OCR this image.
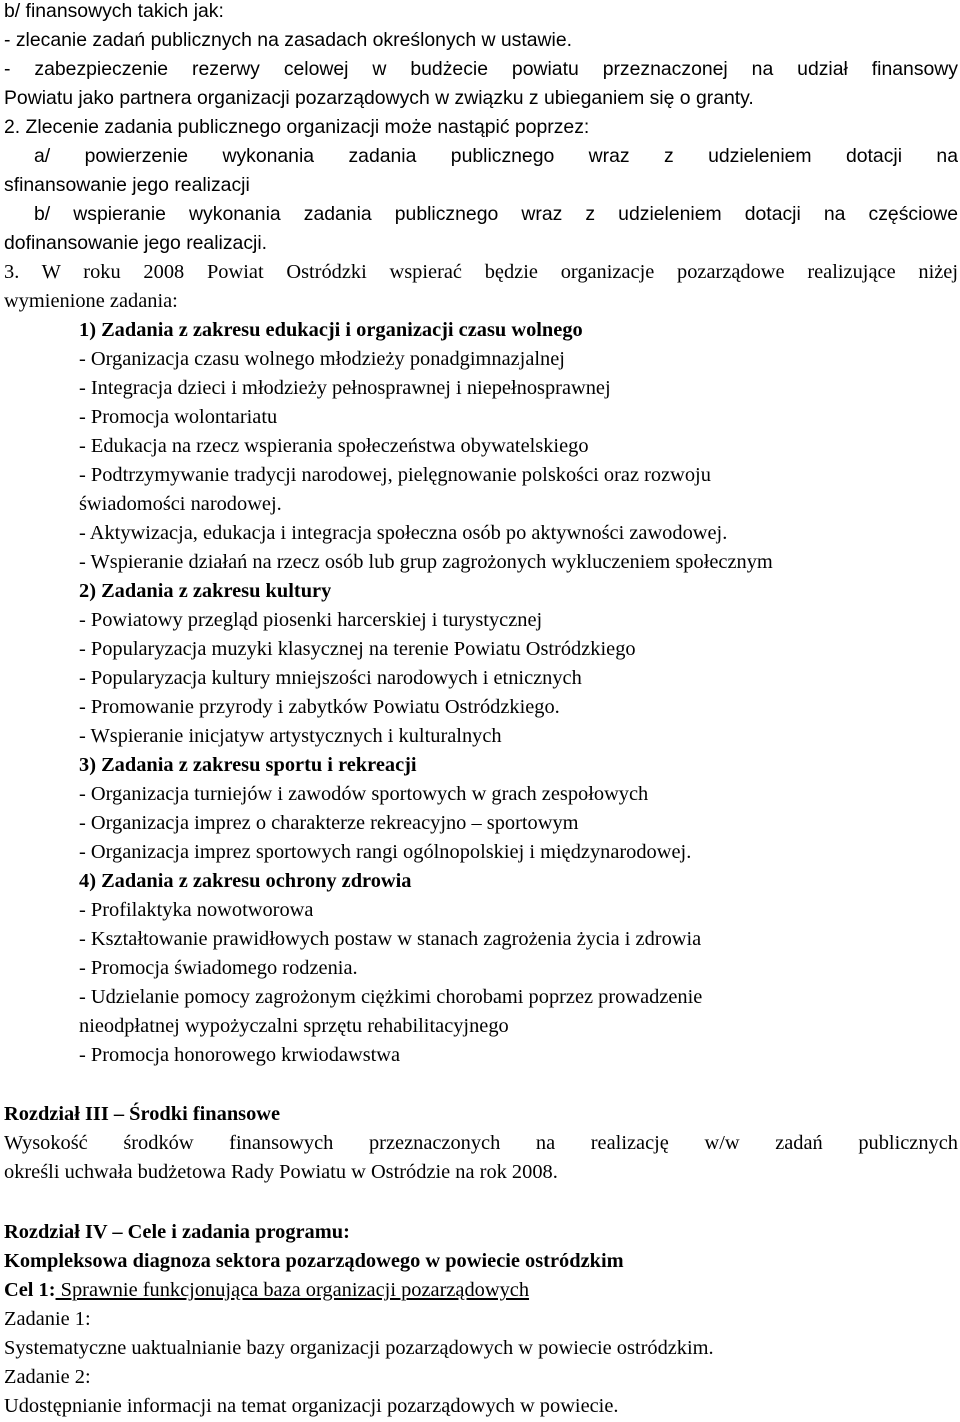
b/ finansowych takich jak:
- zlecanie zadań publicznych na zasadach określonych w ustawie.
- zabezpieczenie rezerwy celowej w budżecie powiatu przeznaczonej na udział finansowy
Powiatu jako partnera organizacji pozarządowych w związku z ubieganiem się o granty.
2. Zlecenie zadania publicznego organizacji może nastąpić poprzez:
a/ powierzenie wykonania zadania publicznego wraz z udzieleniem dotacji na
sfinansowanie jego realizacji
b/ wspieranie wykonania zadania publicznego wraz z udzieleniem dotacji na częściowe
dofinansowanie jego realizacji.
3. W roku 2008 Powiat Ostródzki wspierać będzie organizacje pozarządowe realizujące niżej
wymienione zadania:
1) Zadania z zakresu edukacji i organizacji czasu wolnego
- Organizacja czasu wolnego młodzieży ponadgimnazjalnej
- Integracja dzieci i młodzieży pełnosprawnej i niepełnosprawnej
- Promocja wolontariatu
- Edukacja na rzecz wspierania społeczeństwa obywatelskiego
- Podtrzymywanie tradycji narodowej, pielęgnowanie polskości oraz rozwoju
świadomości narodowej.
- Aktywizacja, edukacja i integracja społeczna osób po aktywności zawodowej.
- Wspieranie działań na rzecz osób lub grup zagrożonych wykluczeniem społecznym
2) Zadania z zakresu kultury
- Powiatowy przegląd piosenki harcerskiej i turystycznej
- Popularyzacja muzyki klasycznej na terenie Powiatu Ostródzkiego
- Popularyzacja kultury mniejszości narodowych i etnicznych
- Promowanie przyrody i zabytków Powiatu Ostródzkiego.
- Wspieranie inicjatyw artystycznych i kulturalnych
3) Zadania z zakresu sportu i rekreacji
- Organizacja turniejów i zawodów sportowych w grach zespołowych
- Organizacja imprez o charakterze rekreacyjno – sportowym
- Organizacja imprez sportowych rangi ogólnopolskiej i międzynarodowej.
4) Zadania z zakresu ochrony zdrowia
- Profilaktyka nowotworowa
- Kształtowanie prawidłowych postaw w stanach zagrożenia życia i zdrowia
- Promocja świadomego rodzenia.
- Udzielanie pomocy zagrożonym ciężkimi chorobami poprzez prowadzenie
nieodpłatnej wypożyczalni sprzętu rehabilitacyjnego
- Promocja honorowego krwiodawstwa
Rozdział III – Środki finansowe
Wysokość środków finansowych przeznaczonych na realizację w/w zadań publicznych
określi uchwała budżetowa Rady Powiatu w Ostródzie na rok 2008.
Rozdział IV – Cele i zadania programu:
Kompleksowa diagnoza sektora pozarządowego w powiecie ostródzkim
Cel 1: Sprawnie funkcjonująca baza organizacji pozarządowych
Zadanie 1:
Systematyczne uaktualnianie bazy organizacji pozarządowych w powiecie ostródzkim.
Zadanie 2:
Udostępnianie informacji na temat organizacji pozarządowych w powiecie.
